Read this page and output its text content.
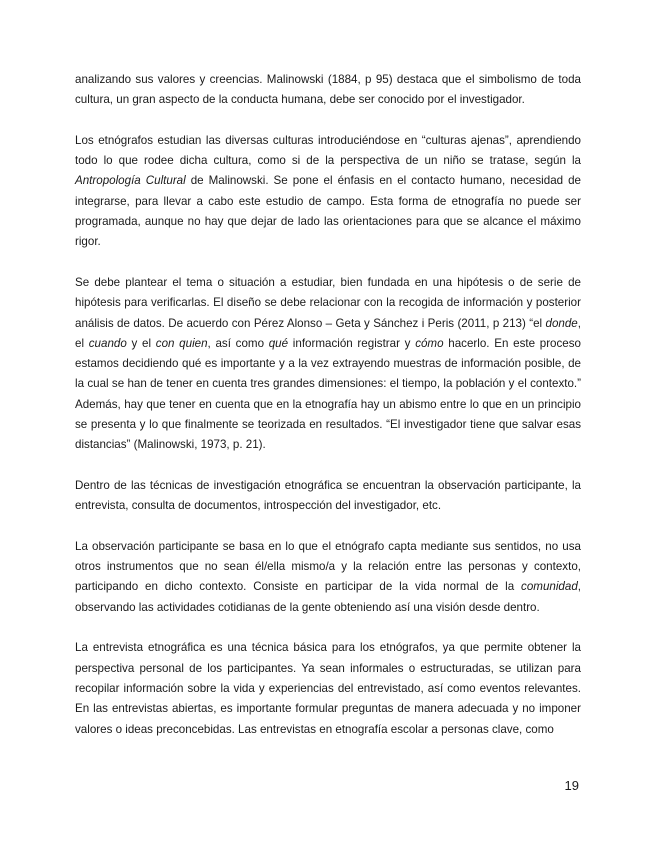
analizando sus valores y creencias. Malinowski (1884, p 95) destaca que el simbolismo de toda cultura, un gran aspecto de la conducta humana, debe ser conocido por el investigador.

Los etnógrafos estudian las diversas culturas introduciéndose en “culturas ajenas”, aprendiendo todo lo que rodee dicha cultura, como si de la perspectiva de un niño se tratase, según la Antropología Cultural de Malinowski. Se pone el énfasis en el contacto humano, necesidad de integrarse, para llevar a cabo este estudio de campo. Esta forma de etnografía no puede ser programada, aunque no hay que dejar de lado las orientaciones para que se alcance el máximo rigor.

Se debe plantear el tema o situación a estudiar, bien fundada en una hipótesis o de serie de hipótesis para verificarlas. El diseño se debe relacionar con la recogida de información y posterior análisis de datos. De acuerdo con Pérez Alonso – Geta y Sánchez i Peris (2011, p 213) “el donde, el cuando y el con quien, así como qué información registrar y cómo hacerlo. En este proceso estamos decidiendo qué es importante y a la vez extrayendo muestras de información posible, de la cual se han de tener en cuenta tres grandes dimensiones: el tiempo, la población y el contexto.” Además, hay que tener en cuenta que en la etnografía hay un abismo entre lo que en un principio se presenta y lo que finalmente se teorizada en resultados. “El investigador tiene que salvar esas distancias” (Malinowski, 1973, p. 21).

Dentro de las técnicas de investigación etnográfica se encuentran la observación participante, la entrevista, consulta de documentos, introspección del investigador, etc.

La observación participante se basa en lo que el etnógrafo capta mediante sus sentidos, no usa otros instrumentos que no sean él/ella mismo/a y la relación entre las personas y contexto, participando en dicho contexto. Consiste en participar de la vida normal de la comunidad, observando las actividades cotidianas de la gente obteniendo así una visión desde dentro.

La entrevista etnográfica es una técnica básica para los etnógrafos, ya que permite obtener la perspectiva personal de los participantes. Ya sean informales o estructuradas, se utilizan para recopilar información sobre la vida y experiencias del entrevistado, así como eventos relevantes. En las entrevistas abiertas, es importante formular preguntas de manera adecuada y no imponer valores o ideas preconcebidas. Las entrevistas en etnografía escolar a personas clave, como

19
